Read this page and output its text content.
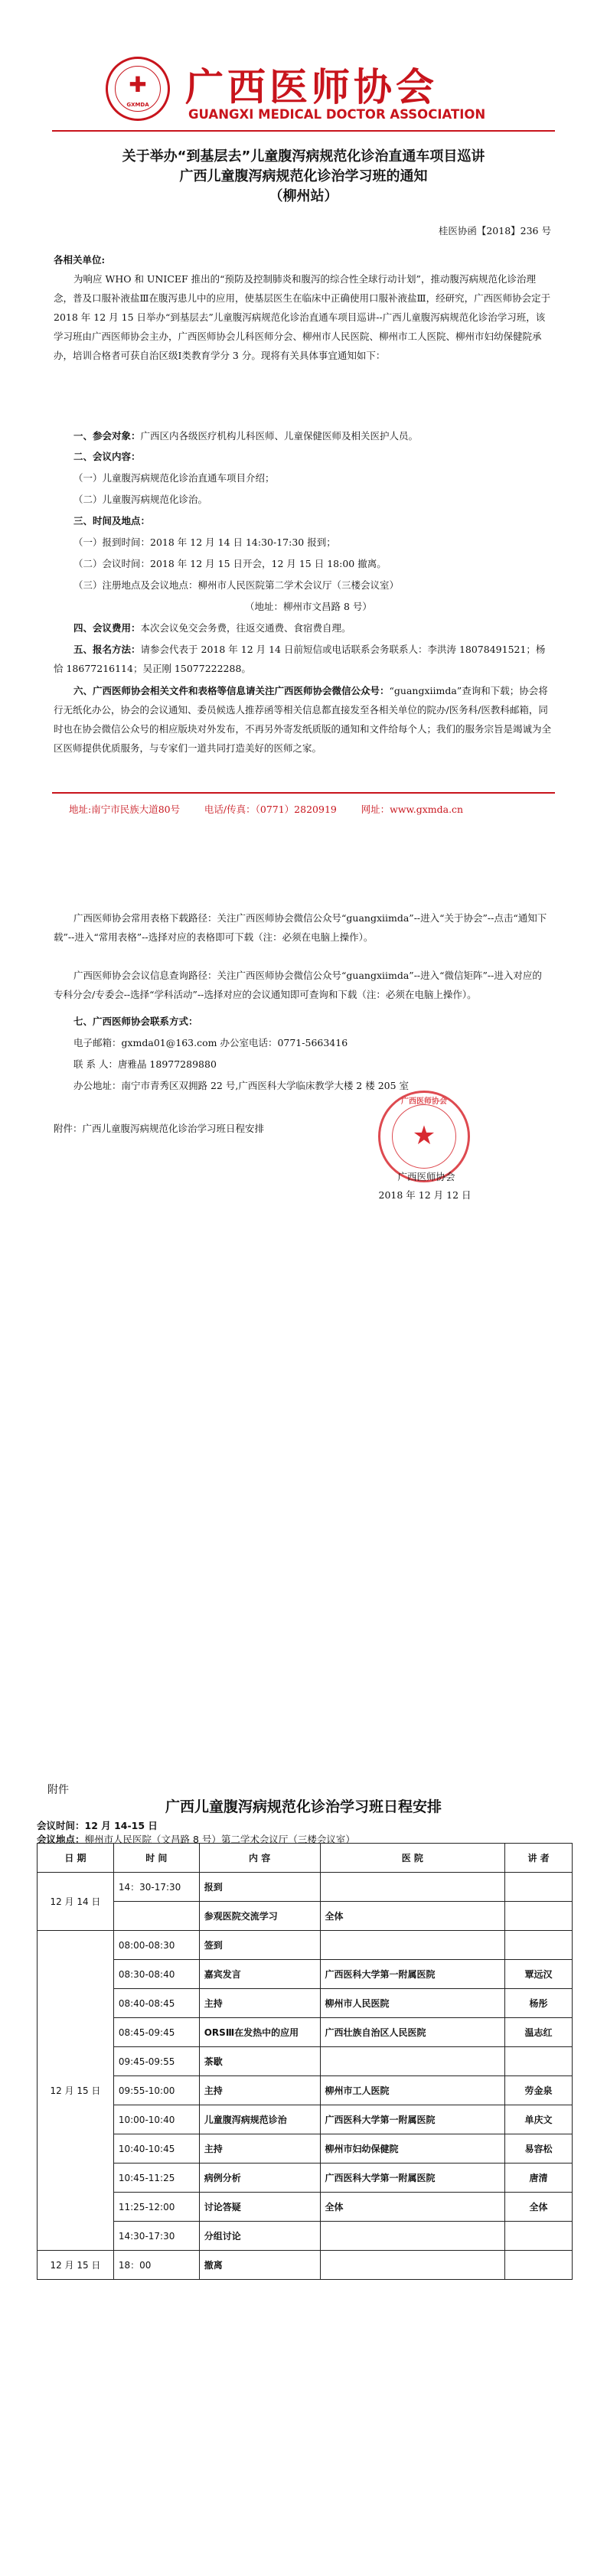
✚
GXMDA 广西医师协会
GUANGXI MEDICAL DOCTOR ASSOCIATION
关于举办“到基层去”儿童腹泻病规范化诊治直通车项目巡讲
广西儿童腹泻病规范化诊治学习班的通知
（柳州站）
桂医协函【2018】236 号
各相关单位:
为响应 WHO 和 UNICEF 推出的“预防及控制肺炎和腹泻的综合性全球行动计划”，推动腹泻病规范化诊治理念，普及口服补液盐Ⅲ在腹泻患儿中的应用，使基层医生在临床中正确使用口服补液盐Ⅲ，经研究，广西医师协会定于 2018 年 12 月 15 日举办“到基层去”儿童腹泻病规范化诊治直通车项目巡讲--广西儿童腹泻病规范化诊治学习班，该学习班由广西医师协会主办，广西医师协会儿科医师分会、柳州市人民医院、柳州市工人医院、柳州市妇幼保健院承办，培训合格者可获自治区级Ⅰ类教育学分 3 分。现将有关具体事宜通知如下：
一、参会对象：广西区内各级医疗机构儿科医师、儿童保健医师及相关医护人员。
二、会议内容：
（一）儿童腹泻病规范化诊治直通车项目介绍；
（二）儿童腹泻病规范化诊治。
三、时间及地点：
（一）报到时间：2018 年 12 月 14 日 14:30-17:30 报到；
（二）会议时间：2018 年 12 月 15 日开会，12 月 15 日 18:00 撤离。
（三）注册地点及会议地点：柳州市人民医院第二学术会议厅（三楼会议室）
（地址：柳州市文昌路 8 号）
四、会议费用：本次会议免交会务费，往返交通费、食宿费自理。
五、报名方法：请参会代表于 2018 年 12 月 14 日前短信或电话联系会务联系人：李洪涛 18078491521；杨恰 18677216114；吴正刚 15077222288。
六、广西医师协会相关文件和表格等信息请关注广西医师协会微信公众号：“guangxiimda”查询和下载；协会将行无纸化办公，协会的会议通知、委员候选人推荐函等相关信息都直接发至各相关单位的院办/医务科/医教科邮箱，同时也在协会微信公众号的相应版块对外发布，不再另外寄发纸质版的通知和文件给每个人；我们的服务宗旨是竭诚为全区医师提供优质服务，与专家们一道共同打造美好的医师之家。
地址:南宁市民族大道80号        电话/传真：（0771）2820919        网址：www.gxmda.cn
广西医师协会常用表格下载路径：关注广西医师协会微信公众号“guangxiimda”--进入“关于协会”--点击“通知下载”--进入“常用表格”--选择对应的表格即可下载（注：必须在电脑上操作）。
广西医师协会会议信息查询路径：关注广西医师协会微信公众号“guangxiimda”--进入“微信矩阵”--进入对应的专科分会/专委会--选择“学科活动”--选择对应的会议通知即可查询和下载（注：必须在电脑上操作）。
七、广西医师协会联系方式：
电子邮箱：gxmda01@163.com 办公室电话：0771-5663416
联 系 人：唐雅晶 18977289880
办公地址：南宁市青秀区双拥路 22 号,广西医科大学临床教学大楼 2 楼 205 室
附件：广西儿童腹泻病规范化诊治学习班日程安排	★
广西医师协会
广西医师协会
2018 年 12 月 12 日
附件
广西儿童腹泻病规范化诊治学习班日程安排
会议时间：12 月 14-15 日
会议地点：柳州市人民医院（文昌路 8 号）第二学术会议厅（三楼会议室）
日 期	时 间	内 容	医 院	讲 者
12 月 14 日	14：30-17:30	报到		
		参观医院交流学习	全体	
12 月 15 日	08:00-08:30	签到		
	08:30-08:40	嘉宾发言	广西医科大学第一附属医院	覃远汉
	08:40-08:45	主持	柳州市人民医院	杨彤
	08:45-09:45	ORSⅢ在发热中的应用	广西壮族自治区人民医院	温志红
	09:45-09:55	茶歇		
	09:55-10:00	主持	柳州市工人医院	劳金泉
	10:00-10:40	儿童腹泻病规范诊治	广西医科大学第一附属医院	单庆文
	10:40-10:45	主持	柳州市妇幼保健院	易容松
	10:45-11:25	病例分析	广西医科大学第一附属医院	唐清
	11:25-12:00	讨论答疑	全体	全体
	14:30-17:30	分组讨论		
12 月 15 日	18：00	撤离		
